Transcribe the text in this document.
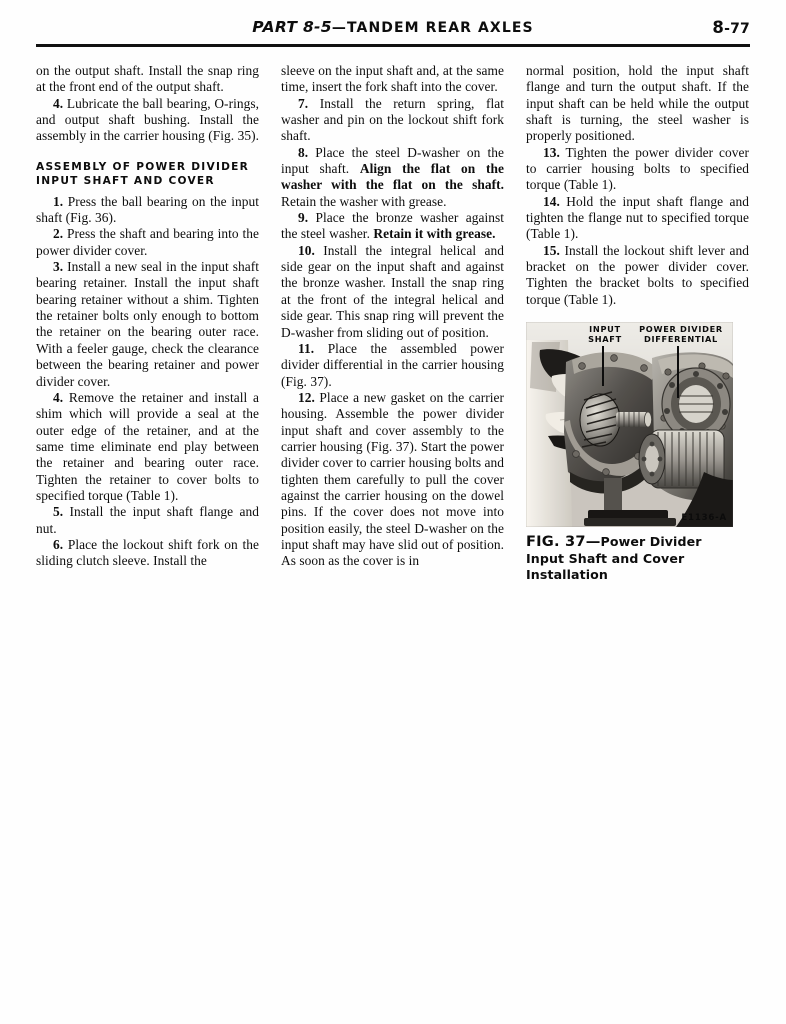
PART 8-5—TANDEM REAR AXLES	8-77

on the output shaft. Install the snap ring at the front end of the output shaft.

4. Lubricate the ball bearing, O-rings, and output shaft bushing. Install the assembly in the carrier housing (Fig. 35).

ASSEMBLY OF POWER DIVIDER
INPUT SHAFT AND COVER

1. Press the ball bearing on the input shaft (Fig. 36).

2. Press the shaft and bearing into the power divider cover.

3. Install a new seal in the input shaft bearing retainer. Install the input shaft bearing retainer without a shim. Tighten the retainer bolts only enough to bottom the retainer on the bearing outer race. With a feeler gauge, check the clearance between the bearing retainer and power divider cover.

4. Remove the retainer and install a shim which will provide a seal at the outer edge of the retainer, and at the same time eliminate end play between the retainer and bearing outer race. Tighten the retainer to cover bolts to specified torque (Table 1).

5. Install the input shaft flange and nut.

6. Place the lockout shift fork on the sliding clutch sleeve. Install the

sleeve on the input shaft and, at the same time, insert the fork shaft into the cover.

7. Install the return spring, flat washer and pin on the lockout shift fork shaft.

8. Place the steel D-washer on the input shaft. Align the flat on the washer with the flat on the shaft. Retain the washer with grease.

9. Place the bronze washer against the steel washer. Retain it with grease.

10. Install the integral helical and side gear on the input shaft and against the bronze washer. Install the snap ring at the front of the integral helical and side gear. This snap ring will prevent the D-washer from sliding out of position.

11. Place the assembled power divider differential in the carrier housing (Fig. 37).

12. Place a new gasket on the carrier housing. Assemble the power divider input shaft and cover assembly to the carrier housing (Fig. 37). Start the power divider cover to carrier housing bolts and tighten them carefully to pull the cover against the carrier housing on the dowel pins. If the cover does not move into position easily, the steel D-washer on the input shaft may have slid out of position. As soon as the cover is in

normal position, hold the input shaft flange and turn the output shaft. If the input shaft can be held while the output shaft is turning, the steel washer is properly positioned.

13. Tighten the power divider cover to carrier housing bolts to specified torque (Table 1).

14. Hold the input shaft flange and tighten the flange nut to specified torque (Table 1).

15. Install the lockout shift lever and bracket on the power divider cover. Tighten the bracket bolts to specified torque (Table 1).

INPUT
SHAFT
POWER DIVIDER
DIFFERENTIAL
E1136-A
FIG. 37—Power Divider Input Shaft and Cover Installation
